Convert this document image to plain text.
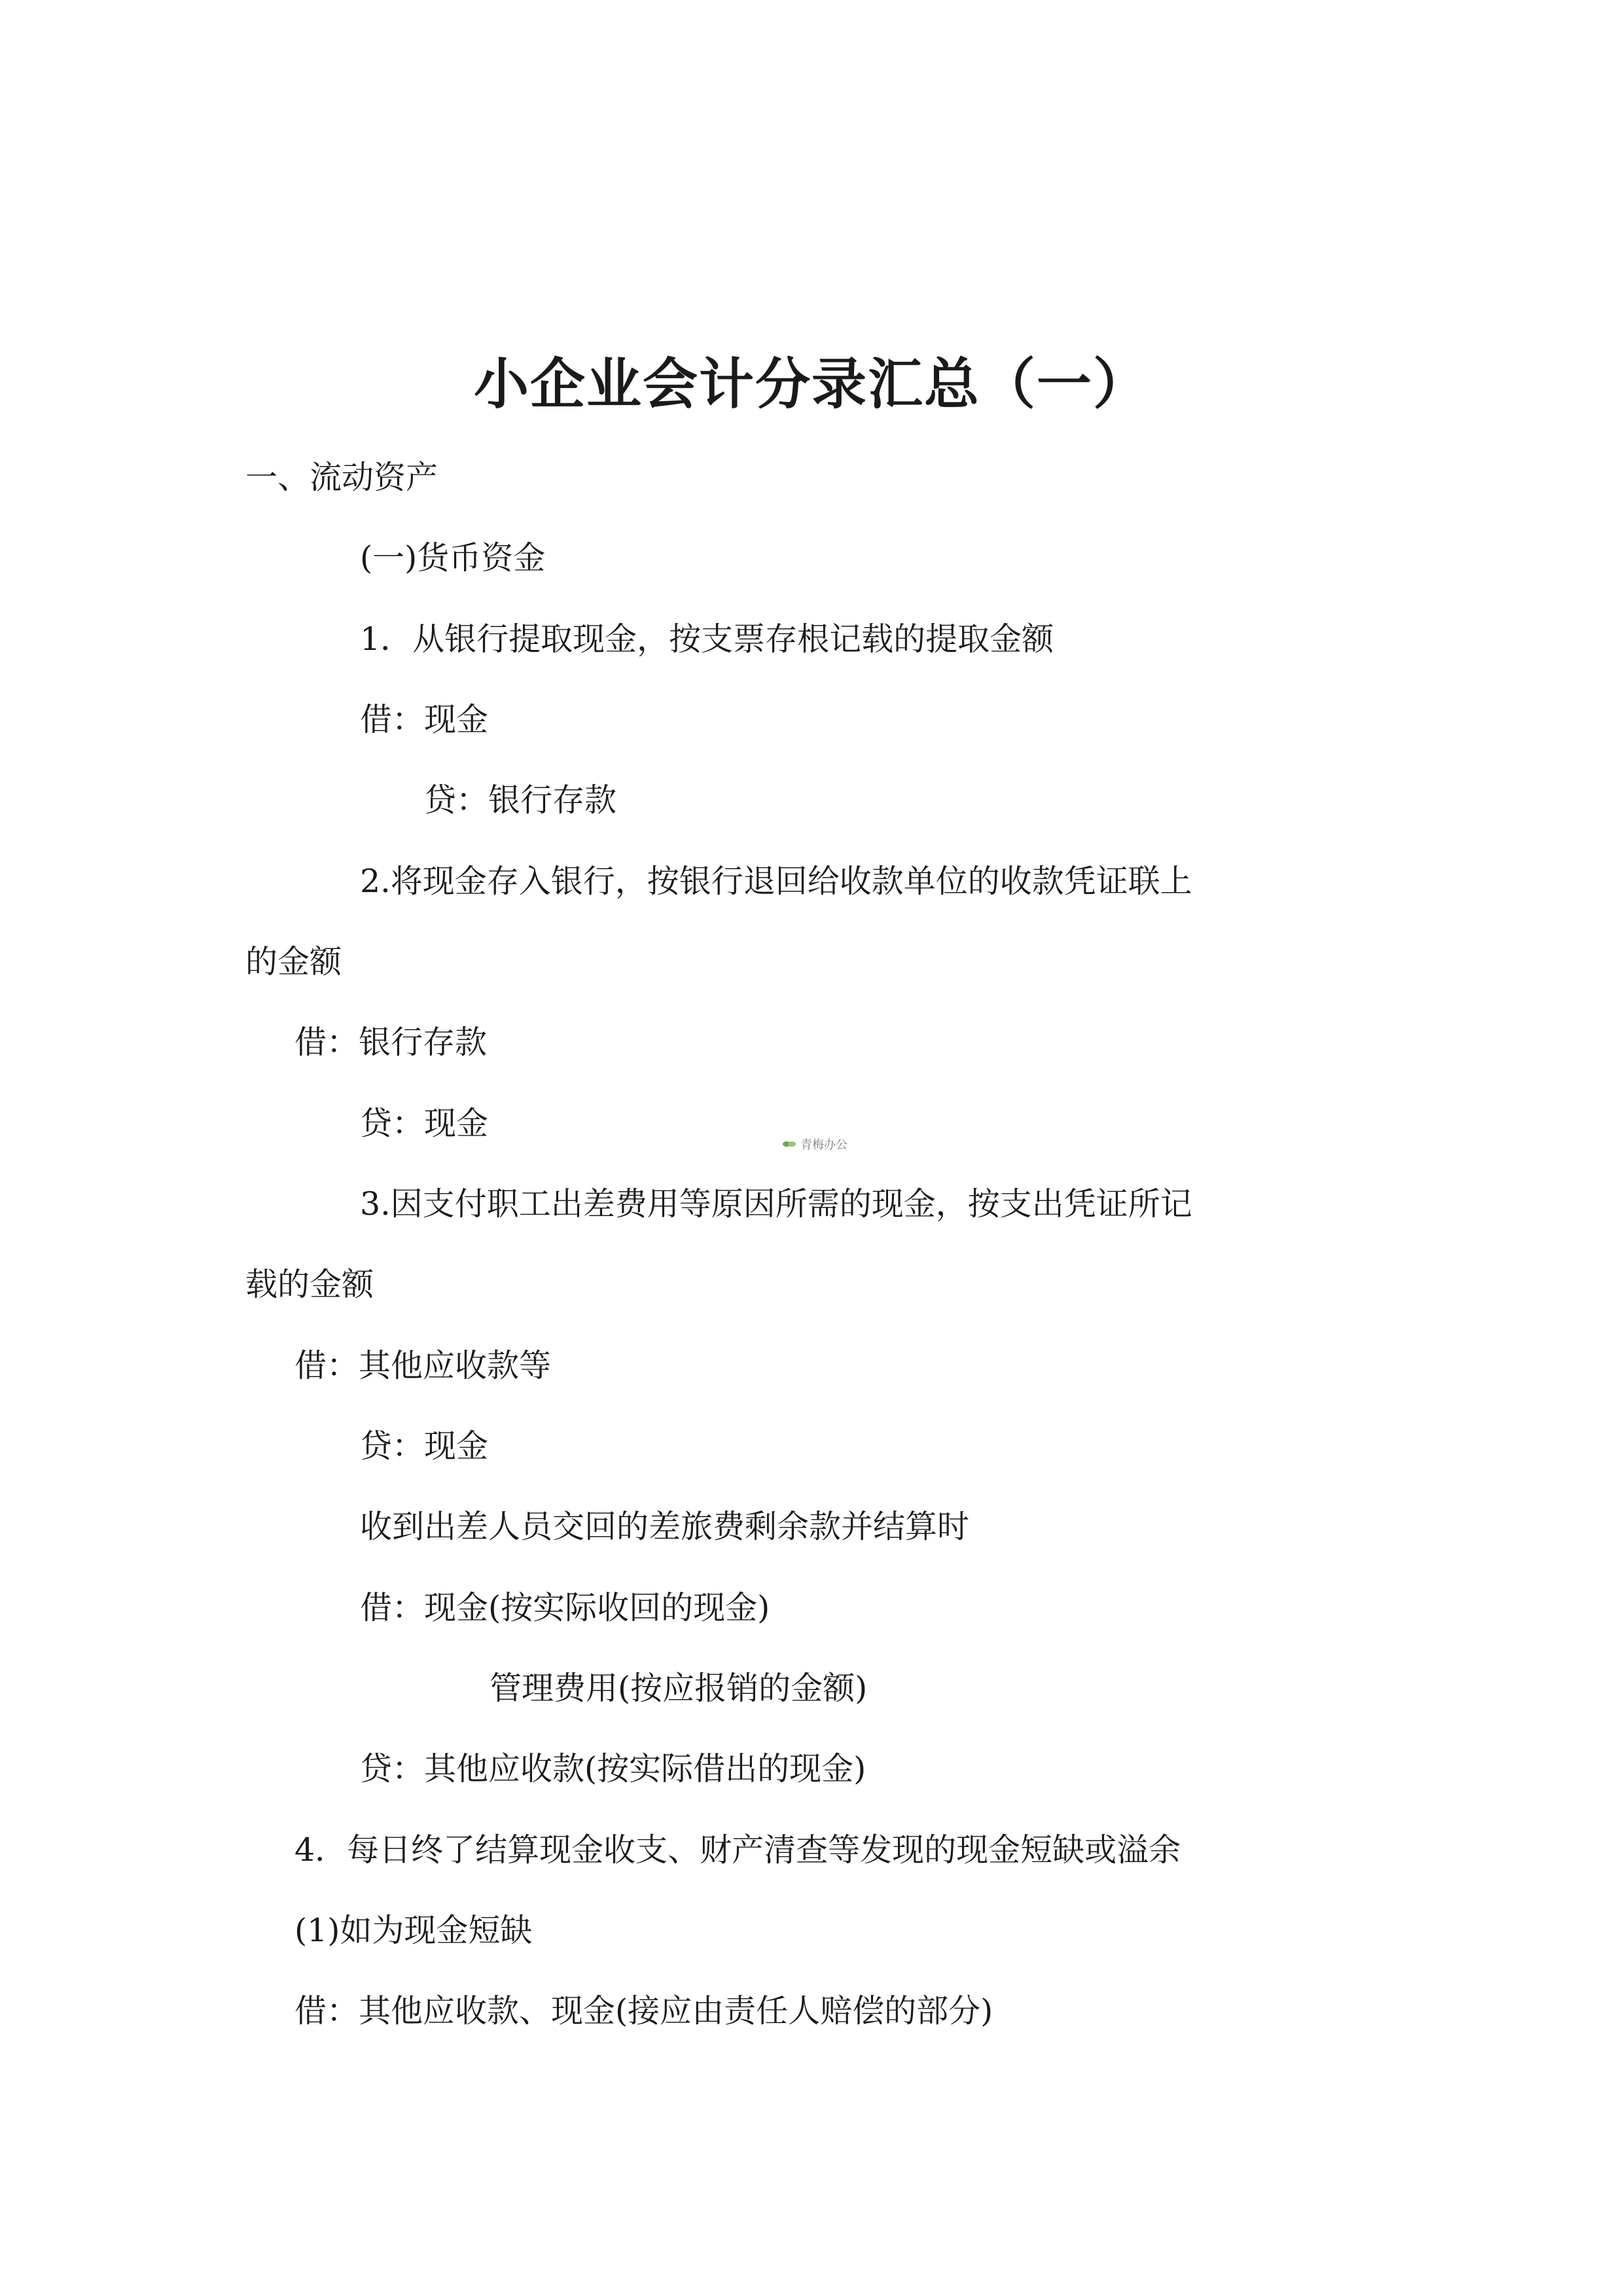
小企业会计分录汇总（一）
一、流动资产
(一)货币资金
1．从银行提取现金，按支票存根记载的提取金额
借：现金
贷：银行存款
2.将现金存入银行，按银行退回给收款单位的收款凭证联上
的金额
借：银行存款
贷：现金
3.因支付职工出差费用等原因所需的现金，按支出凭证所记
载的金额
借：其他应收款等
贷：现金
收到出差人员交回的差旅费剩余款并结算时
借：现金(按实际收回的现金)
管理费用(按应报销的金额)
贷：其他应收款(按实际借出的现金)
4．每日终了结算现金收支、财产清查等发现的现金短缺或溢余
(1)如为现金短缺
借：其他应收款、现金(接应由责任人赔偿的部分)
青梅办公
